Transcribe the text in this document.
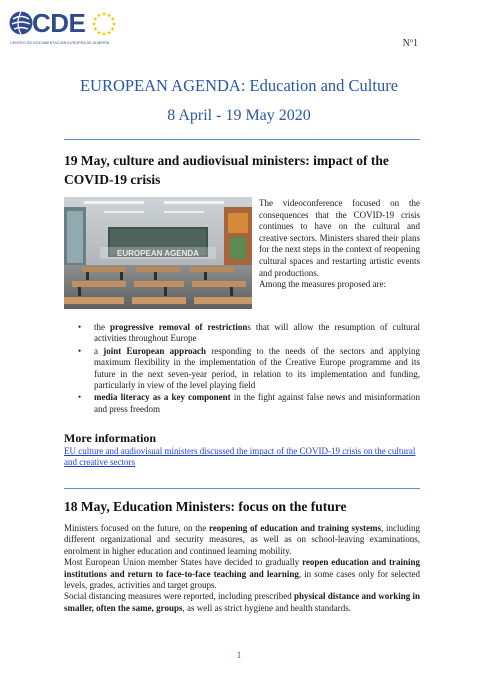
CDE
CENTRO DE DOCUMENTACIÓN EUROPEA DE ALMERÍA	Nº1
EUROPEAN AGENDA: Education and Culture
8 April - 19 May 2020
19 May, culture and audiovisual ministers: impact of the COVID-19 crisis
EUROPEAN AGENDA

The videoconference focused on the consequences that the COVID-19 crisis continues to have on the cultural and creative sectors. Ministers shared their plans for the next steps in the context of reopening cultural spaces and restarting artistic events and productions.

Among the measures proposed are:

• the progressive removal of restrictions that will allow the resumption of cultural activities throughout Europe
• a joint European approach responding to the needs of the sectors and applying maximum flexibility in the implementation of the Creative Europe programme and its future in the next seven-year period, in relation to its implementation and funding, particularly in view of the level playing field
• media literacy as a key component in the fight against false news and misinformation and press freedom
More information
EU culture and audiovisual ministers discussed the impact of the COVID-19 crisis on the cultural and creative sectors
18 May, Education Ministers: focus on the future

Ministers focused on the future, on the reopening of education and training systems, including different organizational and security measures, as well as on school-leaving examinations, enrolment in higher education and continued learning mobility.

Most European Union member States have decided to gradually reopen education and training institutions and return to face-to-face teaching and learning, in some cases only for selected levels, grades, activities and target groups.

Social distancing measures were reported, including prescribed physical distance and working in smaller, often the same, groups, as well as strict hygiene and health standards.

1
